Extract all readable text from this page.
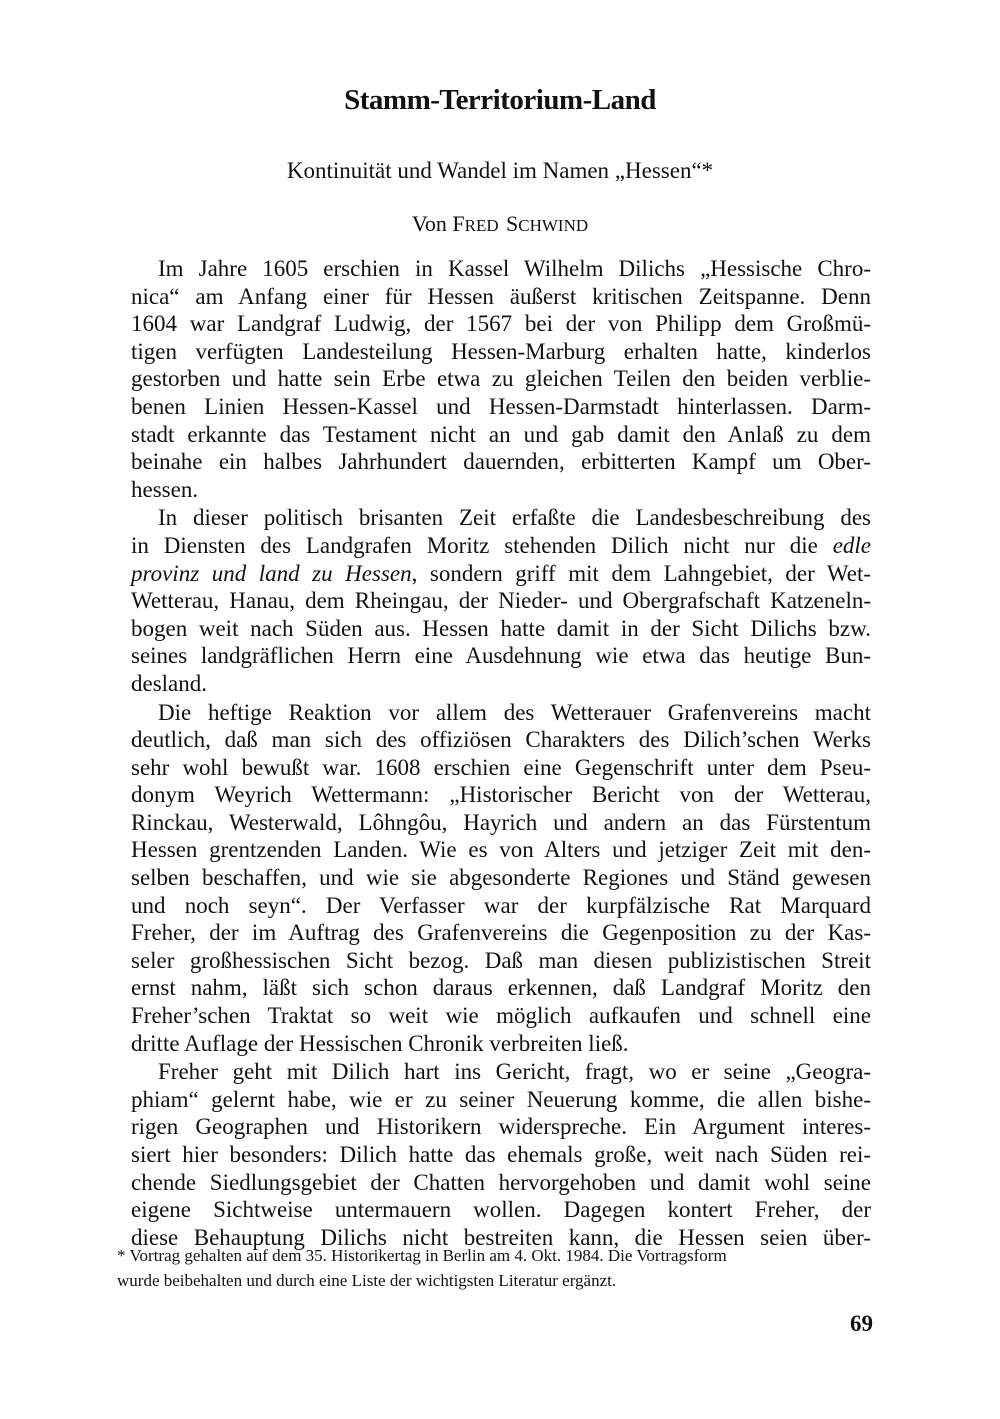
Stamm-Territorium-Land
Kontinuität und Wandel im Namen „Hessen“*
Von FRED  SCHWIND
Im Jahre 1605 erschien in Kassel Wilhelm Dilichs „Hessische Chro-
nica“ am Anfang einer für Hessen äußerst kritischen Zeitspanne. Denn
1604 war Landgraf Ludwig, der 1567 bei der von Philipp dem Großmü-
tigen verfügten Landesteilung Hessen-Marburg erhalten hatte, kinderlos
gestorben und hatte sein Erbe etwa zu gleichen Teilen den beiden verblie-
benen Linien Hessen-Kassel und Hessen-Darmstadt hinterlassen. Darm-
stadt erkannte das Testament nicht an und gab damit den Anlaß zu dem
beinahe ein halbes Jahrhundert dauernden, erbitterten Kampf um Ober-
hessen.
In dieser politisch brisanten Zeit erfaßte die Landesbeschreibung des
in Diensten des Landgrafen Moritz stehenden Dilich nicht nur die edle
provinz und land zu Hessen, sondern griff mit dem Lahngebiet, der Wet-
Wetterau, Hanau, dem Rheingau, der Nieder- und Obergrafschaft Katzeneln-
bogen weit nach Süden aus. Hessen hatte damit in der Sicht Dilichs bzw.
seines landgräflichen Herrn eine Ausdehnung wie etwa das heutige Bun-
desland.
Die heftige Reaktion vor allem des Wetterauer Grafenvereins macht
deutlich, daß man sich des offiziösen Charakters des Dilich’schen Werks
sehr wohl bewußt war. 1608 erschien eine Gegenschrift unter dem Pseu-
donym Weyrich Wettermann: „Historischer Bericht von der Wetterau,
Rinckau, Westerwald, Lôhngôu, Hayrich und andern an das Fürstentum
Hessen grentzenden Landen. Wie es von Alters und jetziger Zeit mit den-
selben beschaffen, und wie sie abgesonderte Regiones und Ständ gewesen
und noch seyn“. Der Verfasser war der kurpfälzische Rat Marquard
Freher, der im Auftrag des Grafenvereins die Gegenposition zu der Kas-
seler großhessischen Sicht bezog. Daß man diesen publizistischen Streit
ernst nahm, läßt sich schon daraus erkennen, daß Landgraf Moritz den
Freher’schen Traktat so weit wie möglich aufkaufen und schnell eine
dritte Auflage der Hessischen Chronik verbreiten ließ.
Freher geht mit Dilich hart ins Gericht, fragt, wo er seine „Geogra-
phiam“ gelernt habe, wie er zu seiner Neuerung komme, die allen bishe-
rigen Geographen und Historikern widerspreche. Ein Argument interes-
siert hier besonders: Dilich hatte das ehemals große, weit nach Süden rei-
chende Siedlungsgebiet der Chatten hervorgehoben und damit wohl seine
eigene Sichtweise untermauern wollen. Dagegen kontert Freher, der
diese Behauptung Dilichs nicht bestreiten kann, die Hessen seien über-
* Vortrag gehalten auf dem 35. Historikertag in Berlin am 4. Okt. 1984. Die Vortragsform
wurde beibehalten und durch eine Liste der wichtigsten Literatur ergänzt.
69
